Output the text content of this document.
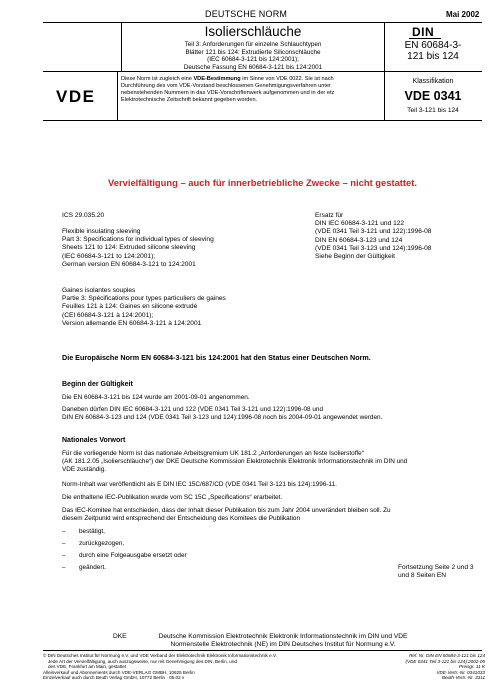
DEUTSCHE NORM	Mai 2002
Isolierschläuche
Teil 3: Anforderungen für einzelne Schlauchtypen
Blätter 121 bis 124: Extrudierte Siliconschläuche
(IEC 60684-3-121 bis 124:2001);
Deutsche Fassung EN 60684-3-121 bis 124:2001
DIN
EN 60684-3-
121 bis 124
VDE
Diese Norm ist zugleich eine VDE-Bestimmung im Sinne von VDE 0022. Sie ist nach
Durchführung des vom VDE-Vorstand beschlossenen Genehmigungsverfahren unter
nebenstehenden Nummern in das VDE-Vorschriftenwerk aufgenommen und in der etz
Elektrotechnische Zeitschrift bekannt gegeben worden.
Klassifikation
VDE 0341
Teil 3-121 bis 124
Vervielfältigung – auch für innerbetriebliche Zwecke – nicht gestattet.
ICS 29.035.20	Ersatz für
DIN IEC 60684-3-121 und 122
(VDE 0341 Teil 3-121 und 122):1996-08
DIN EN 60684-3-123 und 124
(VDE 0341 Teil 3-123 und 124):1996-08
Siehe Beginn der Gültigkeit
Flexible insulating sleeving
Part 3: Specifications for individual types of sleeving
Sheets 121 to 124: Extruded silicone sleeving
(IEC 60684-3-121 to 124:2001);
German version EN 60684-3-121 to 124:2001
Gaines isolantes souples
Partie 3: Spécifications pour types particuliers de gaines
Feuilles 121 à 124: Gaines en silicone extrudé
(CEI 60684-3-121 à 124:2001);
Version allemande EN 60684-3-121 à 124:2001
Die Europäische Norm EN 60684-3-121 bis 124:2001 hat den Status einer Deutschen Norm.
Beginn der Gültigkeit
Die EN 60684-3-121 bis 124 wurde am 2001-09-01 angenommen.
Daneben dürfen DIN IEC 60684-3-121 und 122 (VDE 0341 Teil 3-121 und 122):1996-08 und
DIN EN 60684-3-123 und 124 (VDE 0341 Teil 3-123 und 124):1996-08 noch bis 2004-09-01 angewendet werden.
Nationales Vorwort
Für die vorliegende Norm ist das nationale Arbeitsgremium UK 181.2 „Anforderungen an feste Isolierstoffe“
(AK 181.2.05 „Isolierschläuche“) der DKE Deutsche Kommission Elektrotechnik Elektronik Informationstechnik im DIN und
VDE zuständig.
Norm-Inhalt war veröffentlicht als E DIN IEC 15C/687/CD (VDE 0341 Teil 3-121 bis 124):1996-11.
Die enthaltene IEC-Publikation wurde vom SC 15C „Specifications“ erarbeitet.
Das IEC-Komitee hat entschieden, dass der Inhalt dieser Publikation bis zum Jahr 2004 unverändert bleiben soll. Zu
diesem Zeitpunkt wird entsprechend der Entscheidung des Komitees die Publikation
– bestätigt,
– zurückgezogen,
– durch eine Folgeausgabe ersetzt oder
– geändert.	Fortsetzung Seite 2 und 3
und 8 Seiten EN
DKE	Deutsche Kommission Elektrotechnik Elektronik Informationstechnik im DIN und VDE
Normenstelle Elektrotechnik (NE) im DIN Deutsches Institut für Normung e.V.
© DIN Deutsches Institut für Normung e.V. und VDE Verband der Elektrotechnik Elektronik Informationstechnik e.V.
Jede Art der Vervielfältigung, auch auszugsweise, nur mit Genehmigung des DIN, Berlin, und
des VDE, Frankfurt am Main, gestattet
Alleinverkauf und Abonnements durch VDE-VERLAG GMBH, 10625 Berlin
Einzelverkauf auch durch Beuth Verlag GmbH, 10772 Berlin · 05.02 v
Ref. Nr. DIN EN 60684-3-121 bis 124
(VDE 0341 Teil 3-121 bis 124):2002-05
Preisgr. 11 K
VDE-Vertr.-Nr. 0341033
Beuth-Vertr.-Nr. 3311
